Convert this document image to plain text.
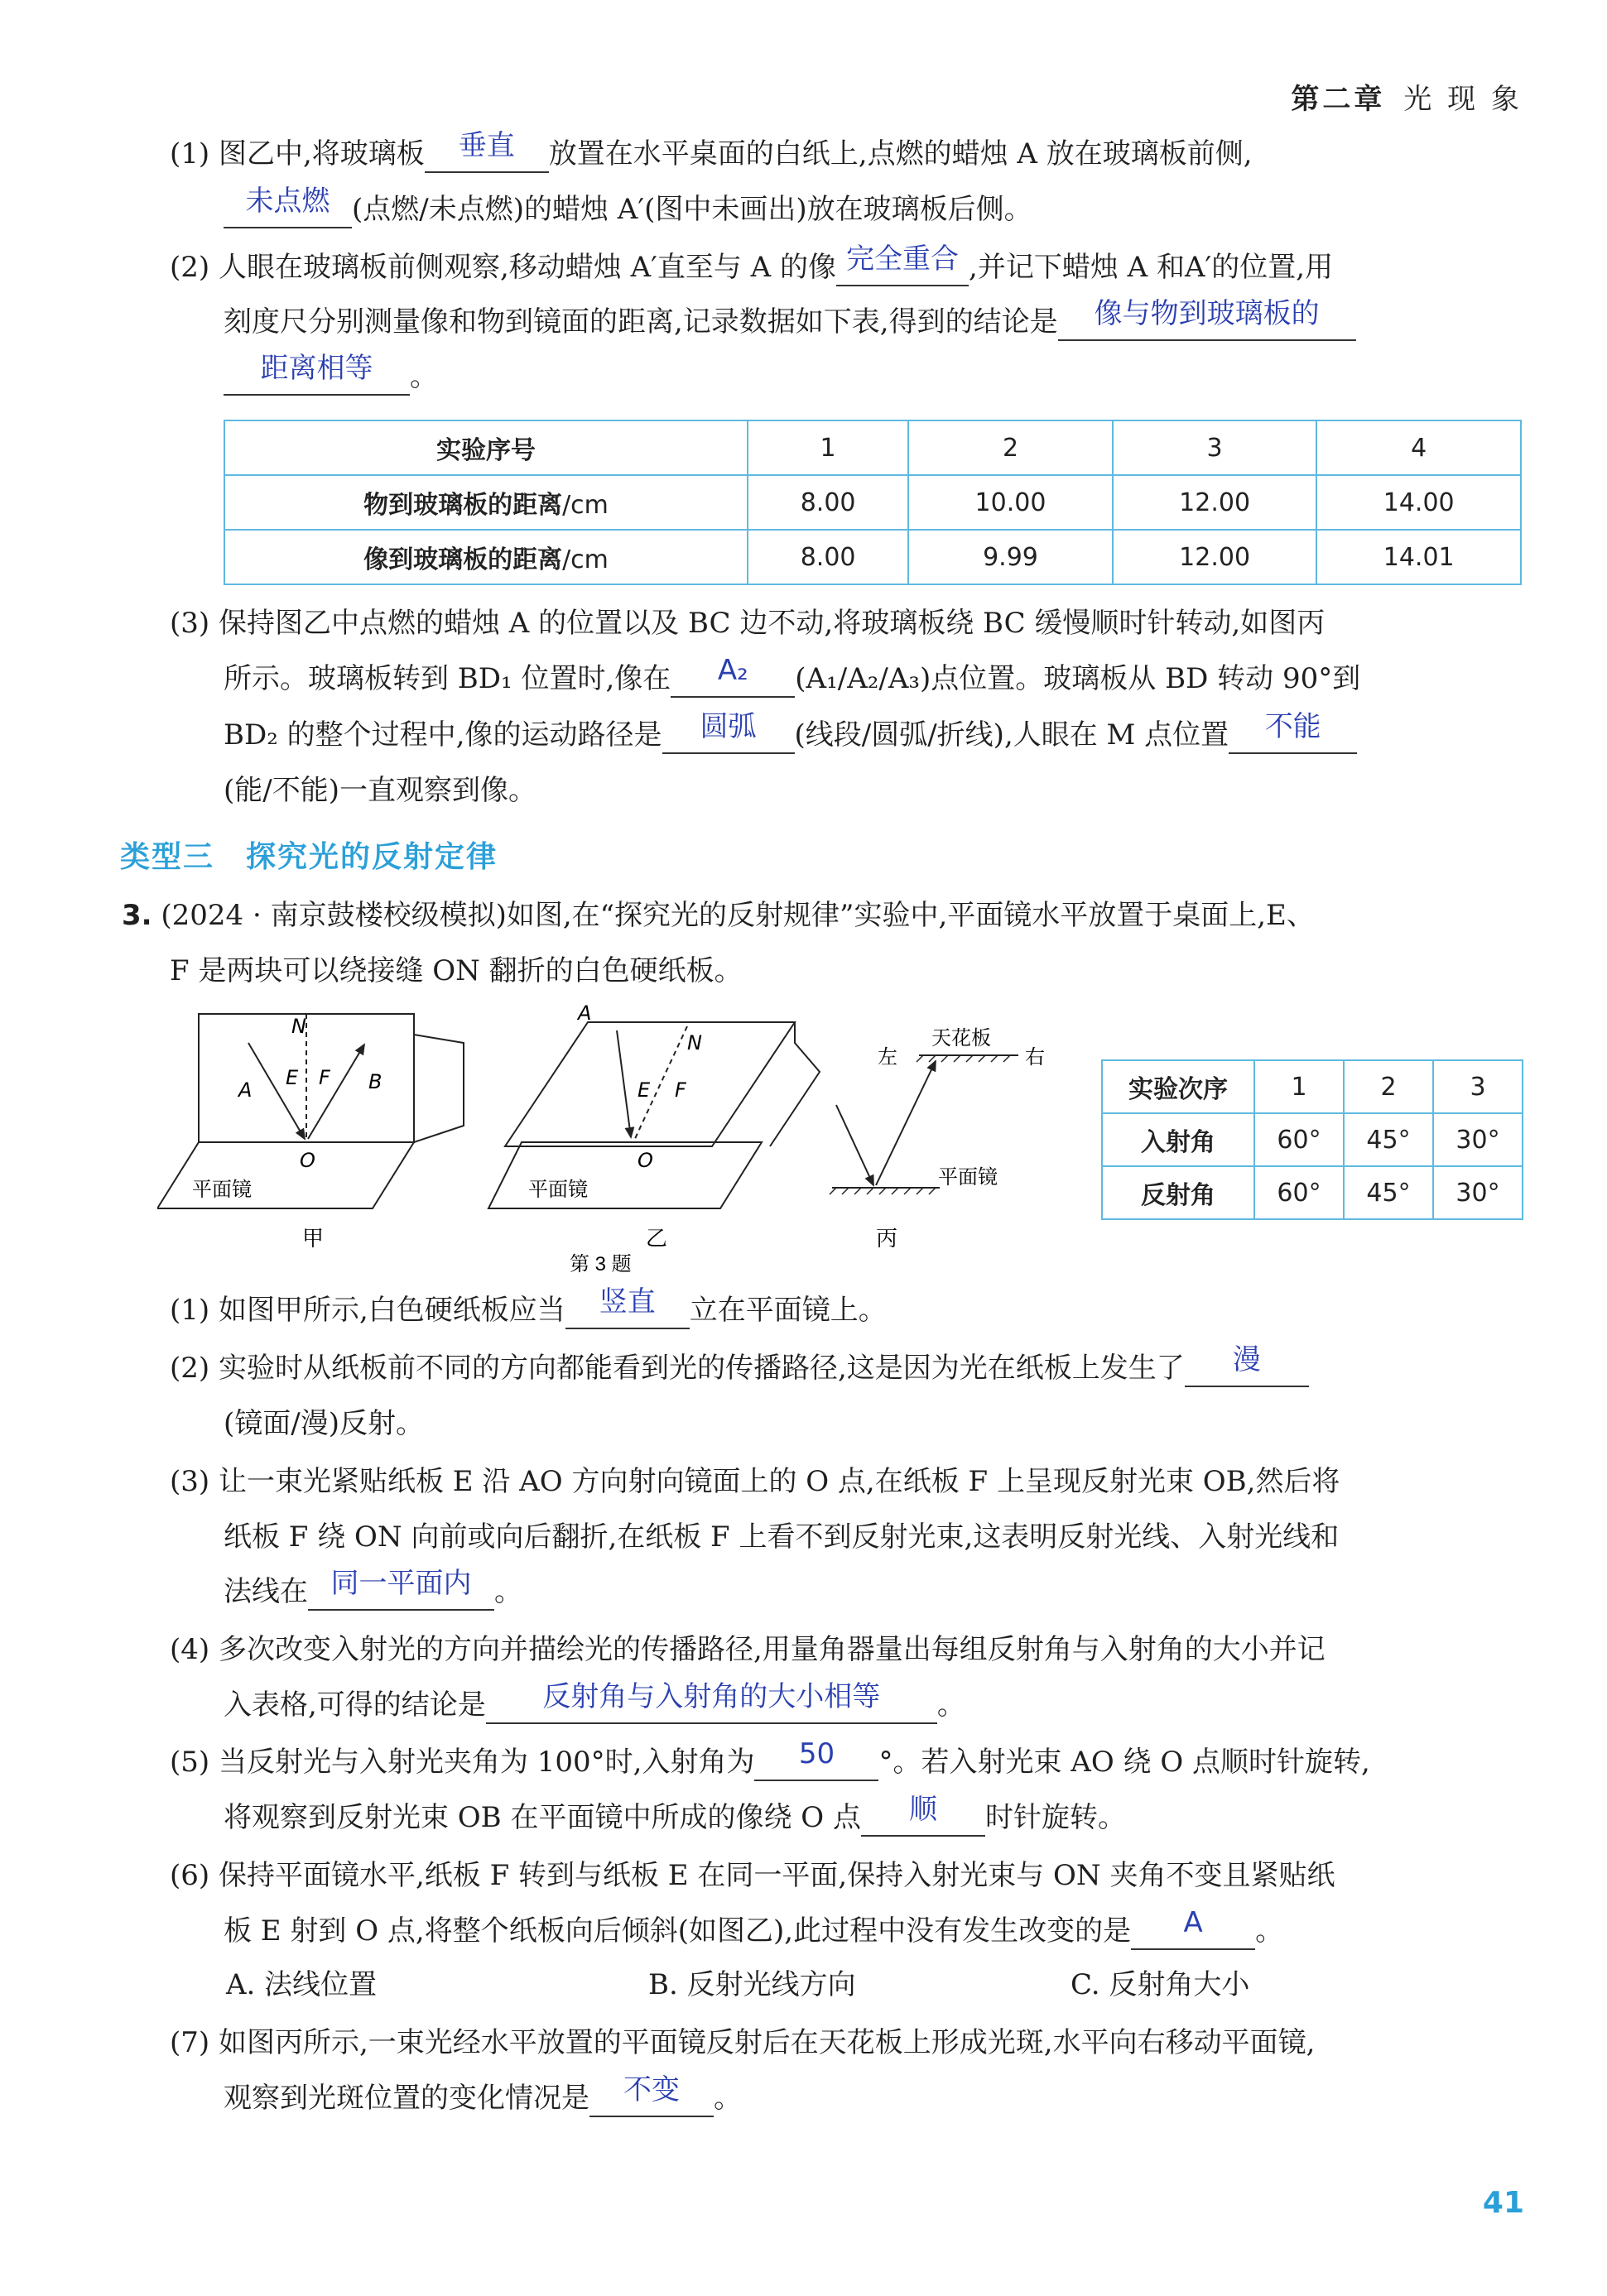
第二章 光 现 象
(1) 图乙中,将玻璃板	垂直	放置在水平桌面的白纸上,点燃的蜡烛 A 放在玻璃板前侧,
未点燃 (点燃/未点燃)的蜡烛 A′(图中未画出)放在玻璃板后侧。
(2) 人眼在玻璃板前侧观察,移动蜡烛 A′直至与 A 的像 完全重合 ,并记下蜡烛 A 和A′的位置,用
刻度尺分别测量像和物到镜面的距离,记录数据如下表,得到的结论是	像与物到玻璃板的
距离相等	。
实验序号	1	2	3	4
物到玻璃板的距离/cm	8.00	10.00	12.00	14.00
像到玻璃板的距离/cm	8.00	9.99	12.00	14.01
(3) 保持图乙中点燃的蜡烛 A 的位置以及 BC 边不动,将玻璃板绕 BC 缓慢顺时针转动,如图丙
所示。玻璃板转到 BD₁ 位置时,像在	A₂	(A₁/A₂/A₃)点位置。玻璃板从 BD 转动 90°到
BD₂ 的整个过程中,像的运动路径是	圆弧	(线段/圆弧/折线),人眼在 M 点位置	不能
(能/不能)一直观察到像。
类型三　探究光的反射定律
3. (2024 · 南京鼓楼校级模拟)如图,在“探究光的反射规律”实验中,平面镜水平放置于桌面上,E、
F 是两块可以绕接缝 ON 翻折的白色硬纸板。
N
A
E F B
O
平面镜
甲
A
N
E F
O
平面镜
乙
天花板
左	右
平面镜
丙
第 3 题
实验次序	1	2	3
入射角	60°	45°	30°
反射角	60°	45°	30°
(1) 如图甲所示,白色硬纸板应当	竖直	立在平面镜上。
(2) 实验时从纸板前不同的方向都能看到光的传播路径,这是因为光在纸板上发生了	漫
(镜面/漫)反射。
(3) 让一束光紧贴纸板 E 沿 AO 方向射向镜面上的 O 点,在纸板 F 上呈现反射光束 OB,然后将
纸板 F 绕 ON 向前或向后翻折,在纸板 F 上看不到反射光束,这表明反射光线、入射光线和
法线在 同一平面内 。
(4) 多次改变入射光的方向并描绘光的传播路径,用量角器量出每组反射角与入射角的大小并记
入表格,可得的结论是	反射角与入射角的大小相等	。
(5) 当反射光与入射光夹角为 100°时,入射角为	50	°。若入射光束 AO 绕 O 点顺时针旋转,
将观察到反射光束 OB 在平面镜中所成的像绕 O 点	顺	时针旋转。
(6) 保持平面镜水平,纸板 F 转到与纸板 E 在同一平面,保持入射光束与 ON 夹角不变且紧贴纸
板 E 射到 O 点,将整个纸板向后倾斜(如图乙),此过程中没有发生改变的是	A	。
A. 法线位置	B. 反射光线方向	C. 反射角大小
(7) 如图丙所示,一束光经水平放置的平面镜反射后在天花板上形成光斑,水平向右移动平面镜,
观察到光斑位置的变化情况是	不变	。
41
